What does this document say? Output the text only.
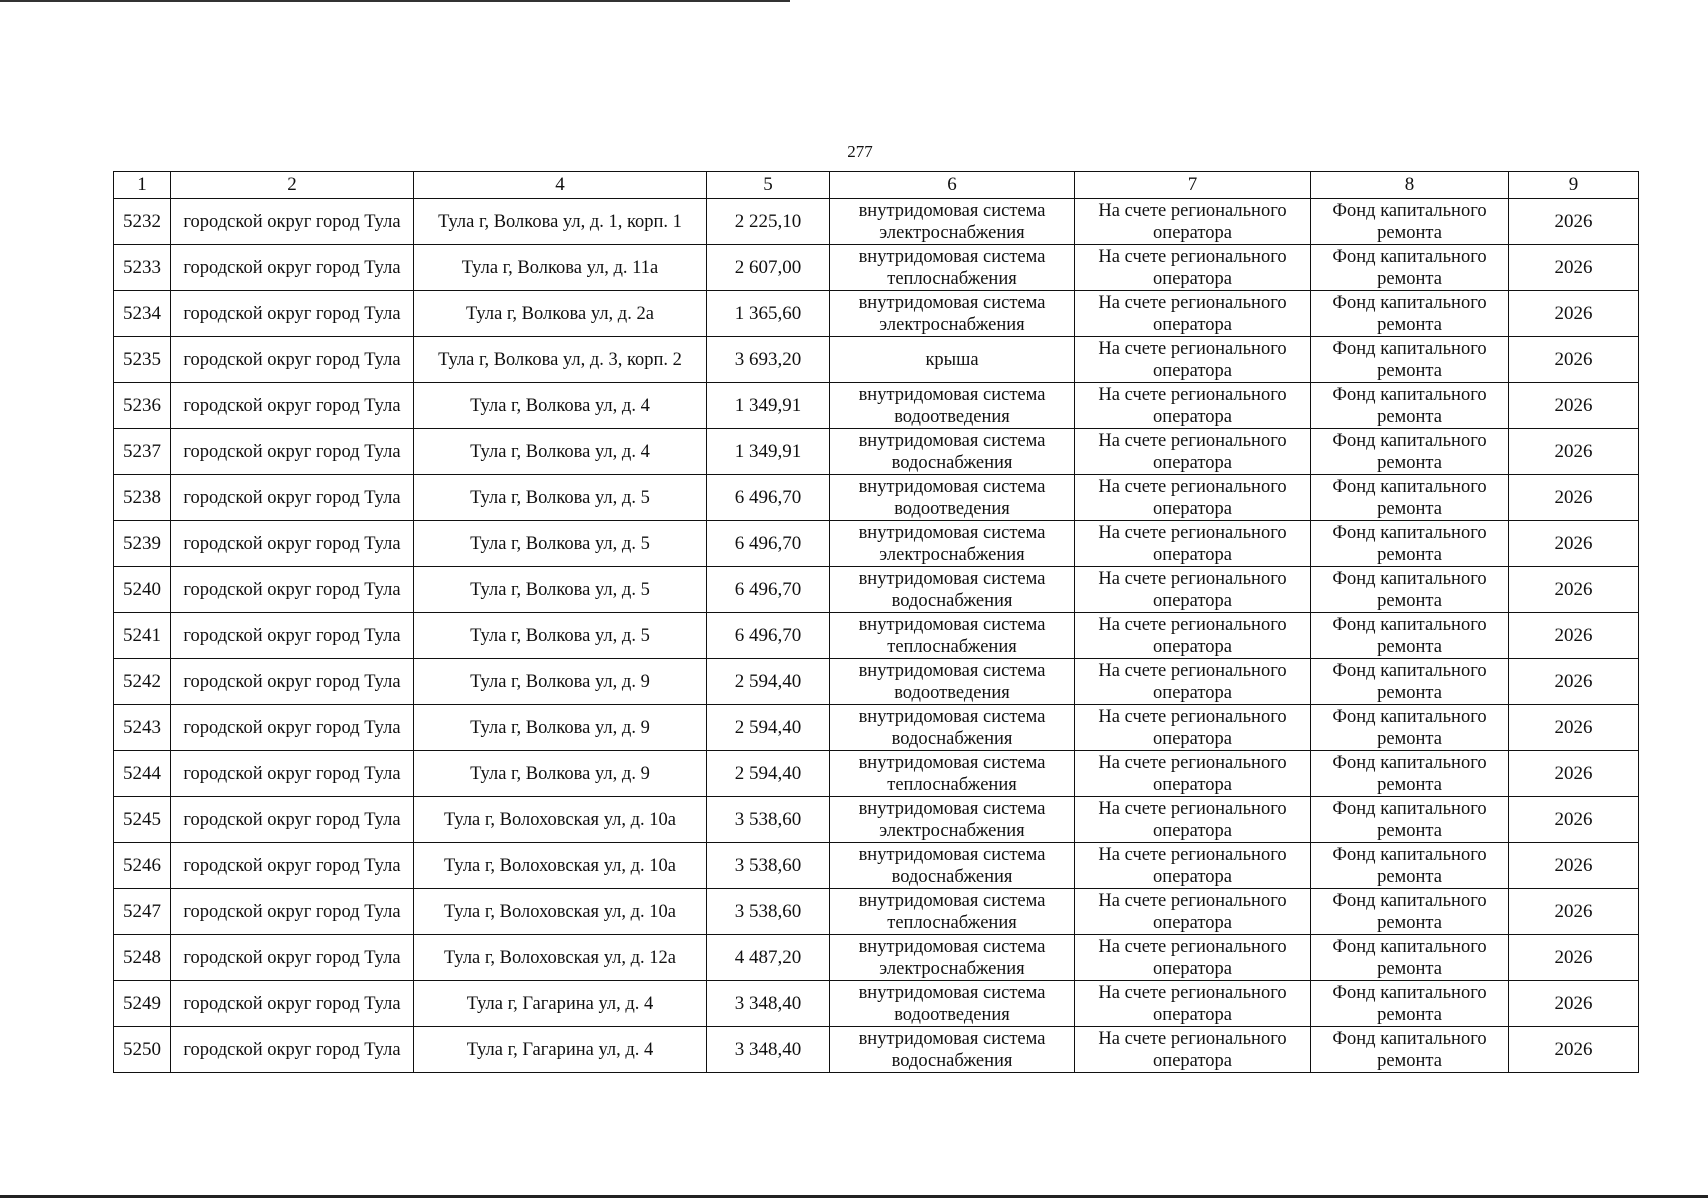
277
1	2	4	5	6	7	8	9
5232	городской округ город Тула	Тула г, Волкова ул, д. 1, корп. 1	2 225,10	внутридомовая система электроснабжения	На счете регионального оператора	Фонд капитального ремонта	2026
5233	городской округ город Тула	Тула г, Волкова ул, д. 11а	2 607,00	внутридомовая система теплоснабжения	На счете регионального оператора	Фонд капитального ремонта	2026
5234	городской округ город Тула	Тула г, Волкова ул, д. 2а	1 365,60	внутридомовая система электроснабжения	На счете регионального оператора	Фонд капитального ремонта	2026
5235	городской округ город Тула	Тула г, Волкова ул, д. 3, корп. 2	3 693,20	крыша	На счете регионального оператора	Фонд капитального ремонта	2026
5236	городской округ город Тула	Тула г, Волкова ул, д. 4	1 349,91	внутридомовая система водоотведения	На счете регионального оператора	Фонд капитального ремонта	2026
5237	городской округ город Тула	Тула г, Волкова ул, д. 4	1 349,91	внутридомовая система водоснабжения	На счете регионального оператора	Фонд капитального ремонта	2026
5238	городской округ город Тула	Тула г, Волкова ул, д. 5	6 496,70	внутридомовая система водоотведения	На счете регионального оператора	Фонд капитального ремонта	2026
5239	городской округ город Тула	Тула г, Волкова ул, д. 5	6 496,70	внутридомовая система электроснабжения	На счете регионального оператора	Фонд капитального ремонта	2026
5240	городской округ город Тула	Тула г, Волкова ул, д. 5	6 496,70	внутридомовая система водоснабжения	На счете регионального оператора	Фонд капитального ремонта	2026
5241	городской округ город Тула	Тула г, Волкова ул, д. 5	6 496,70	внутридомовая система теплоснабжения	На счете регионального оператора	Фонд капитального ремонта	2026
5242	городской округ город Тула	Тула г, Волкова ул, д. 9	2 594,40	внутридомовая система водоотведения	На счете регионального оператора	Фонд капитального ремонта	2026
5243	городской округ город Тула	Тула г, Волкова ул, д. 9	2 594,40	внутридомовая система водоснабжения	На счете регионального оператора	Фонд капитального ремонта	2026
5244	городской округ город Тула	Тула г, Волкова ул, д. 9	2 594,40	внутридомовая система теплоснабжения	На счете регионального оператора	Фонд капитального ремонта	2026
5245	городской округ город Тула	Тула г, Волоховская ул, д. 10а	3 538,60	внутридомовая система электроснабжения	На счете регионального оператора	Фонд капитального ремонта	2026
5246	городской округ город Тула	Тула г, Волоховская ул, д. 10а	3 538,60	внутридомовая система водоснабжения	На счете регионального оператора	Фонд капитального ремонта	2026
5247	городской округ город Тула	Тула г, Волоховская ул, д. 10а	3 538,60	внутридомовая система теплоснабжения	На счете регионального оператора	Фонд капитального ремонта	2026
5248	городской округ город Тула	Тула г, Волоховская ул, д. 12а	4 487,20	внутридомовая система электроснабжения	На счете регионального оператора	Фонд капитального ремонта	2026
5249	городской округ город Тула	Тула г, Гагарина ул, д. 4	3 348,40	внутридомовая система водоотведения	На счете регионального оператора	Фонд капитального ремонта	2026
5250	городской округ город Тула	Тула г, Гагарина ул, д. 4	3 348,40	внутридомовая система водоснабжения	На счете регионального оператора	Фонд капитального ремонта	2026
